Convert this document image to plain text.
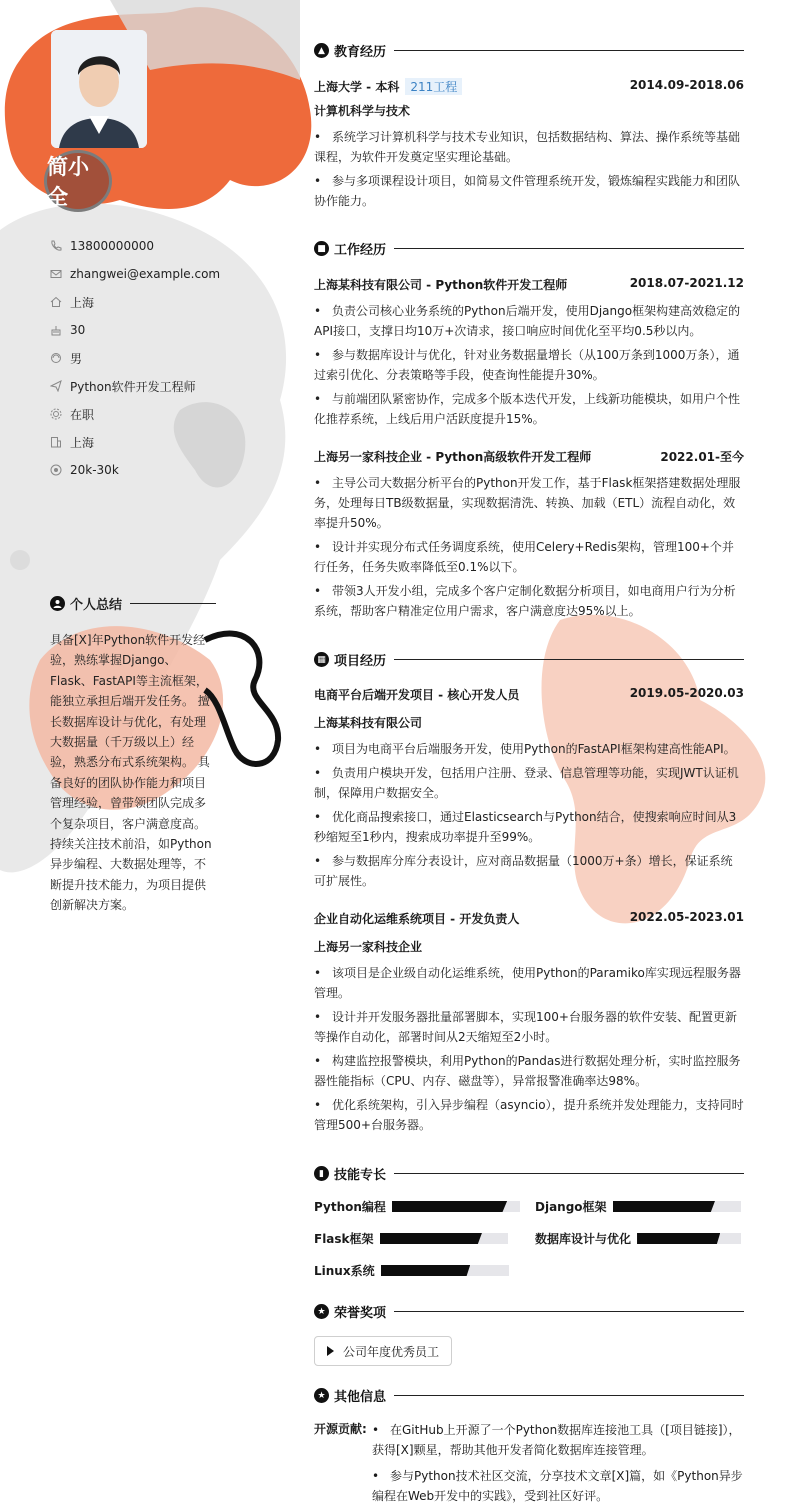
简小全
13800000000
zhangwei@example.com
上海
30
男
Python软件开发工程师
在职
上海
20k-30k
个人总结
具备[X]年Python软件开发经验，熟练掌握Django、Flask、FastAPI等主流框架，能独立承担后端开发任务。 擅长数据库设计与优化，有处理大数据量（千万级以上）经验，熟悉分布式系统架构。 具备良好的团队协作能力和项目管理经验，曾带领团队完成多个复杂项目，客户满意度高。 持续关注技术前沿，如Python异步编程、大数据处理等，不断提升技术能力，为项目提供创新解决方案。
▲ 教育经历
上海大学 - 本科 211工程	2014.09-2018.06
计算机科学与技术
• 系统学习计算机科学与技术专业知识，包括数据结构、算法、操作系统等基础课程，为软件开发奠定坚实理论基础。
• 参与多项课程设计项目，如简易文件管理系统开发，锻炼编程实践能力和团队协作能力。
■ 工作经历
上海某科技有限公司 - Python软件开发工程师	2018.07-2021.12
• 负责公司核心业务系统的Python后端开发，使用Django框架构建高效稳定的API接口，支撑日均10万+次请求，接口响应时间优化至平均0.5秒以内。
• 参与数据库设计与优化，针对业务数据量增长（从100万条到1000万条），通过索引优化、分表策略等手段，使查询性能提升30%。
• 与前端团队紧密协作，完成多个版本迭代开发，上线新功能模块，如用户个性化推荐系统，上线后用户活跃度提升15%。
上海另一家科技企业 - Python高级软件开发工程师	2022.01-至今
• 主导公司大数据分析平台的Python开发工作，基于Flask框架搭建数据处理服务，处理每日TB级数据量，实现数据清洗、转换、加载（ETL）流程自动化，效率提升50%。
• 设计并实现分布式任务调度系统，使用Celery+Redis架构，管理100+个并行任务，任务失败率降低至0.1%以下。
• 带领3人开发小组，完成多个客户定制化数据分析项目，如电商用户行为分析系统，帮助客户精准定位用户需求，客户满意度达95%以上。
▦ 项目经历
电商平台后端开发项目 - 核心开发人员	2019.05-2020.03
上海某科技有限公司
• 项目为电商平台后端服务开发，使用Python的FastAPI框架构建高性能API。
• 负责用户模块开发，包括用户注册、登录、信息管理等功能，实现JWT认证机制，保障用户数据安全。
• 优化商品搜索接口，通过Elasticsearch与Python结合，使搜索响应时间从3秒缩短至1秒内，搜索成功率提升至99%。
• 参与数据库分库分表设计，应对商品数据量（1000万+条）增长，保证系统可扩展性。
企业自动化运维系统项目 - 开发负责人	2022.05-2023.01
上海另一家科技企业
• 该项目是企业级自动化运维系统，使用Python的Paramiko库实现远程服务器管理。
• 设计并开发服务器批量部署脚本，实现100+台服务器的软件安装、配置更新等操作自动化，部署时间从2天缩短至2小时。
• 构建监控报警模块，利用Python的Pandas进行数据处理分析，实时监控服务器性能指标（CPU、内存、磁盘等），异常报警准确率达98%。
• 优化系统架构，引入异步编程（asyncio），提升系统并发处理能力，支持同时管理500+台服务器。
▮ 技能专长
Python编程	Django框架
Flask框架	数据库设计与优化
Linux系统
★ 荣誉奖项
公司年度优秀员工
★ 其他信息
开源贡献:
•	在GitHub上开源了一个Python数据库连接池工具（[项目链接]），获得[X]颗星，帮助其他开发者简化数据库连接管理。
• 参与Python技术社区交流，分享技术文章[X]篇，如《Python异步编程在Web开发中的实践》，受到社区好评。
